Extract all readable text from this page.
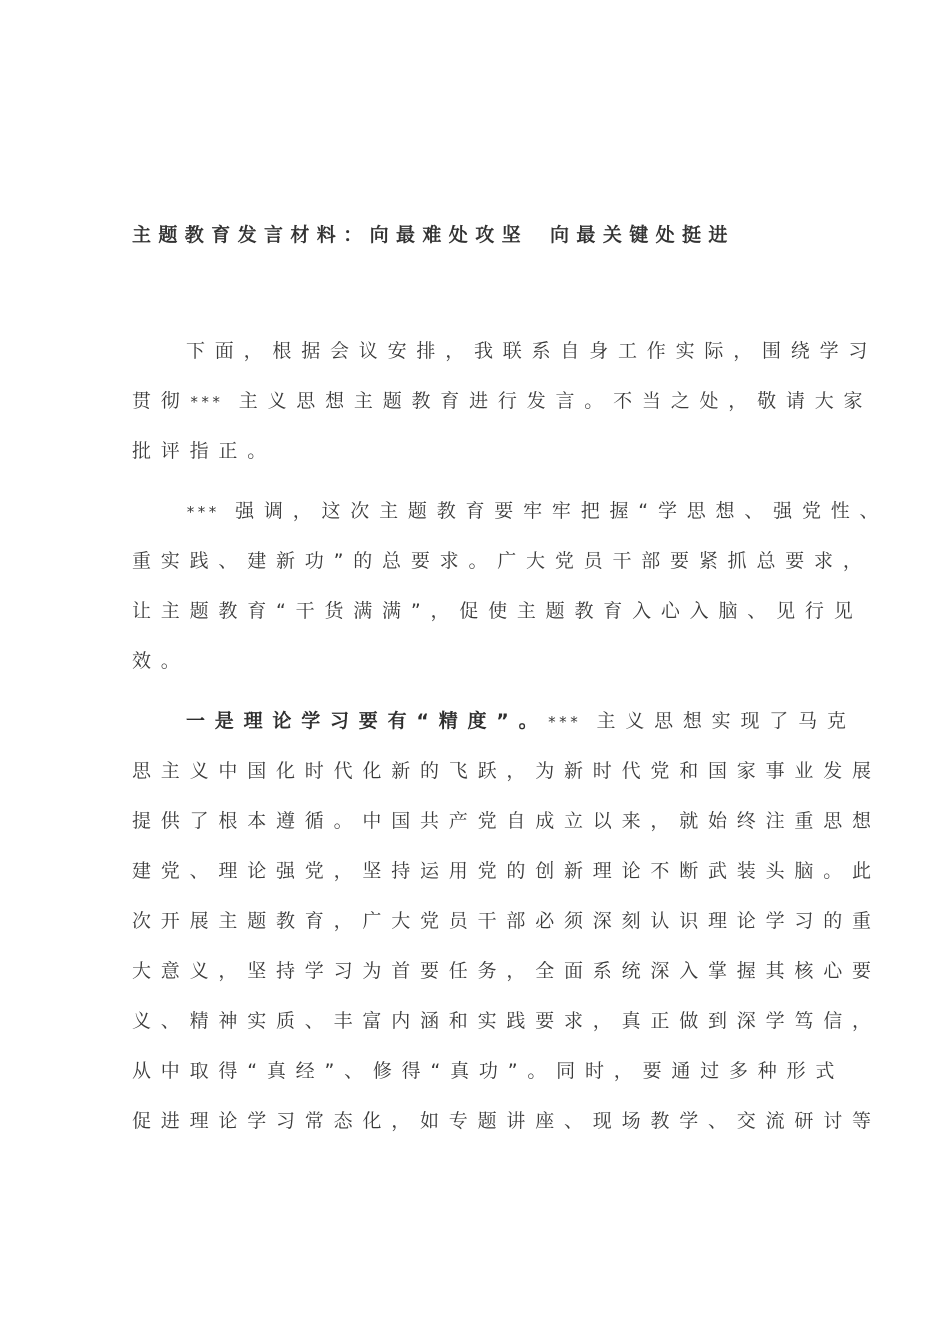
主题教育发言材料：向最难处攻坚 向最关键处挺进

下面，根据会议安排，我联系自身工作实际，围绕学习

贯彻*** 主义思想主题教育进行发言。不当之处，敬请大家

批评指正。

*** 强调，这次主题教育要牢牢把握“学思想、强党性、

重实践、建新功”的总要求。广大党员干部要紧抓总要求，

让主题教育“干货满满”，促使主题教育入心入脑、见行见

效。

一是理论学习要有“精度”。*** 主义思想实现了马克

思主义中国化时代化新的飞跃，为新时代党和国家事业发展

提供了根本遵循。中国共产党自成立以来，就始终注重思想

建党、理论强党，坚持运用党的创新理论不断武装头脑。此

次开展主题教育，广大党员干部必须深刻认识理论学习的重

大意义，坚持学习为首要任务，全面系统深入掌握其核心要

义、精神实质、丰富内涵和实践要求，真正做到深学笃信，

从中取得“真经”、修得“真功”。同时，要通过多种形式

促进理论学习常态化，如专题讲座、现场教学、交流研讨等
